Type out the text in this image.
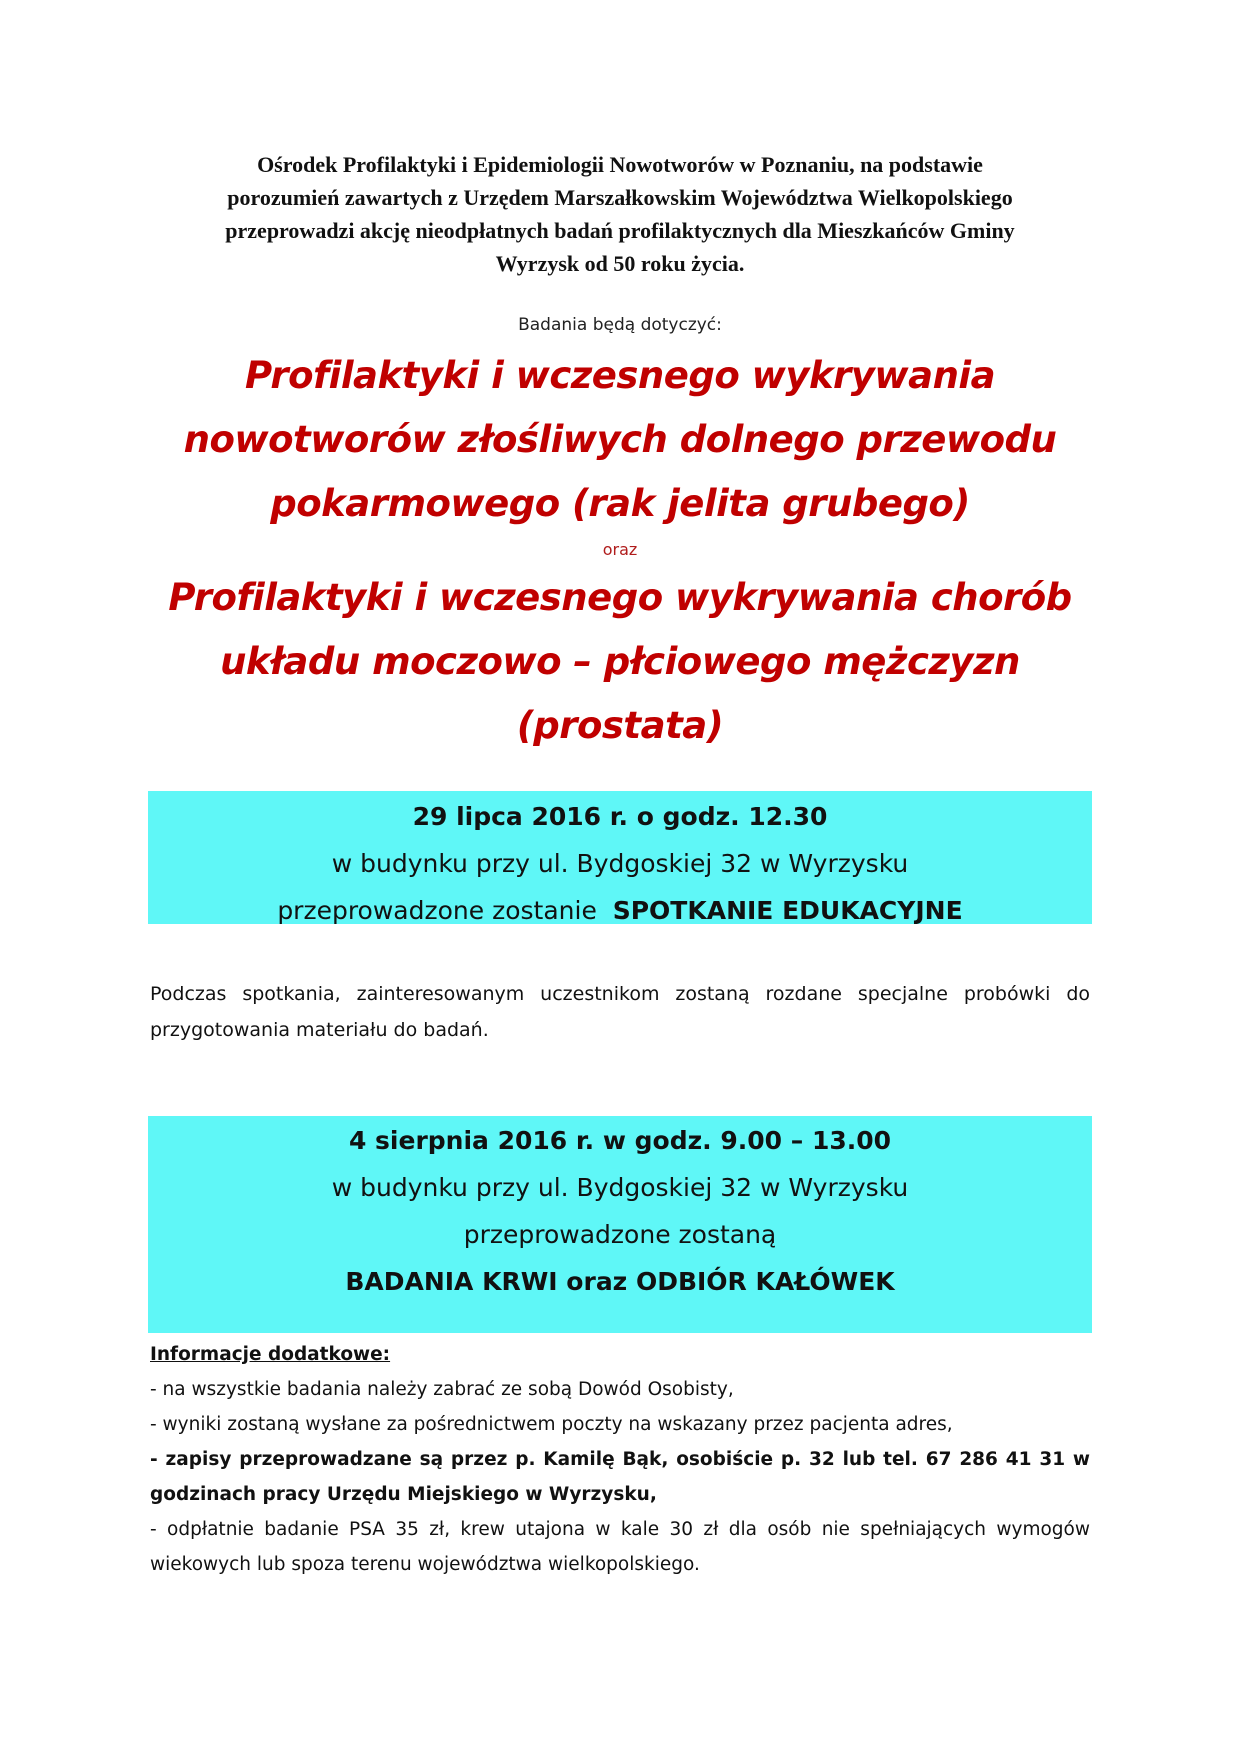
Ośrodek Profilaktyki i Epidemiologii Nowotworów w Poznaniu, na podstawie
porozumień zawartych z Urzędem Marszałkowskim Województwa Wielkopolskiego
przeprowadzi akcję nieodpłatnych badań profilaktycznych dla Mieszkańców Gminy
Wyrzysk od 50 roku życia.
Badania będą dotyczyć:
Profilaktyki i wczesnego wykrywania
nowotworów złośliwych dolnego przewodu
pokarmowego (rak jelita grubego)
oraz
Profilaktyki i wczesnego wykrywania chorób
układu moczowo – płciowego mężczyzn
(prostata)
29 lipca 2016 r. o godz. 12.30
w budynku przy ul. Bydgoskiej 32 w Wyrzysku
przeprowadzone zostanie  SPOTKANIE EDUKACYJNE
Podczas spotkania, zainteresowanym uczestnikom zostaną rozdane specjalne probówki do przygotowania materiału do badań.
4 sierpnia 2016 r. w godz. 9.00 – 13.00
w budynku przy ul. Bydgoskiej 32 w Wyrzysku
przeprowadzone zostaną
BADANIA KRWI oraz ODBIÓR KAŁÓWEK
Informacje dodatkowe:
- na wszystkie badania należy zabrać ze sobą Dowód Osobisty,
- wyniki zostaną wysłane za pośrednictwem poczty na wskazany przez pacjenta adres,
- zapisy przeprowadzane są przez p. Kamilę Bąk, osobiście p. 32 lub tel. 67 286 41 31 w godzinach pracy Urzędu Miejskiego w Wyrzysku,
- odpłatnie badanie PSA 35 zł, krew utajona w kale 30 zł dla osób nie spełniających wymogów wiekowych lub spoza terenu województwa wielkopolskiego.
